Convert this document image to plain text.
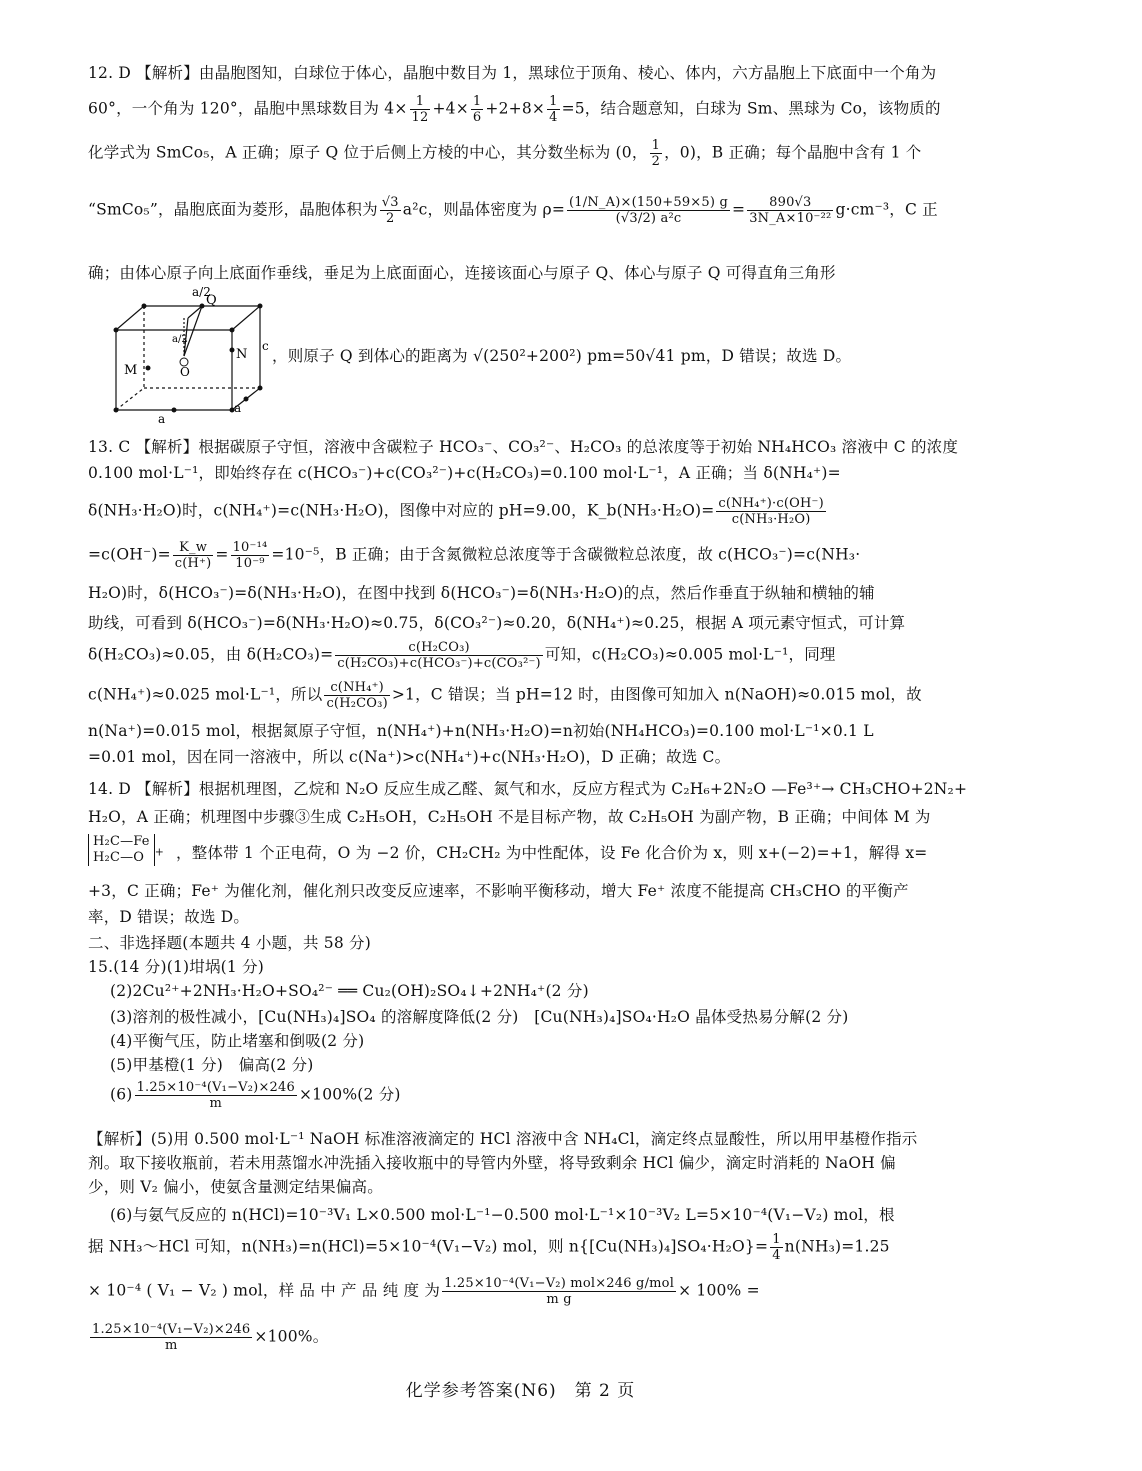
12. D 【解析】由晶胞图知，白球位于体心，晶胞中数目为 1，黑球位于顶角、棱心、体内，六方晶胞上下底面中一个角为
60°，一个角为 120°，晶胞中黑球数目为 $4\times \frac{1}{12} +4\times \frac{1}{6} +2+8\times \frac{1}{4} =5$，结合题意知，白球为 Sm、黑球为 Co，该物质的
化学式为 SmCo₅，A 正确；原子 Q 位于后侧上方棱的中心，其分数坐标为 (0， $\frac{1}{2}$ ，0)，B 正确；每个晶胞中含有 1 个
“SmCo₅”，晶胞底面为菱形，晶胞体积为 $\frac{√3}{2} a^2c$，则晶体密度为 $\rho= \frac{(1/N\_A)\times(150+59\times 5) g}{\text{(√3/2) a²c}} = \frac{890√3}{\text{3N\_A×10⁻²²}} g\cdot cm^{-3}$，C 正
确；由体心原子向上底面作垂线，垂足为上底面面心，连接该面心与原子 Q、体心与原子 Q 可得直角三角形
a/2
Q
a/2
O
N
M
c
a
a
，则原子 Q 到体心的距离为 √(250²+200²) pm=50√41 pm，D 错误；故选 D。
13. C 【解析】根据碳原子守恒，溶液中含碳粒子 HCO₃⁻、CO₃²⁻、H₂CO₃ 的总浓度等于初始 NH₄HCO₃ 溶液中 C 的浓度
0.100 mol·L⁻¹，即始终存在 c(HCO₃⁻)+c(CO₃²⁻)+c(H₂CO₃)=0.100 mol·L⁻¹，A 正确；当 δ(NH₄⁺)=
δ(NH₃·H₂O)时，c(NH₄⁺)=c(NH₃·H₂O)，图像中对应的 pH=9.00，K_b(NH₃·H₂O)= $\frac{\text{c(NH₄⁺)·c(OH⁻)}}{\text{c(NH₃·H₂O)}}$
$=c(OH^-)= \frac{K\_w}{c(H^+)} = \frac{\text{10⁻¹⁴}}{\text{10⁻⁹}} =10^{-5}$，B 正确；由于含氮微粒总浓度等于含碳微粒总浓度，故 c(HCO₃⁻)=c(NH₃·
H₂O)时，δ(HCO₃⁻)=δ(NH₃·H₂O)，在图中找到 δ(HCO₃⁻)=δ(NH₃·H₂O)的点，然后作垂直于纵轴和横轴的辅
助线，可看到 δ(HCO₃⁻)=δ(NH₃·H₂O)≈0.75，δ(CO₃²⁻)≈0.20，δ(NH₄⁺)≈0.25，根据 A 项元素守恒式，可计算
δ(H₂CO₃)≈0.05，由 $\delta(H_2CO_3)= \frac{\text{c(H₂CO₃)}}{\text{c(H₂CO₃)+c(HCO₃⁻)+c(CO₃²⁻)}}$ 可知，c(H₂CO₃)≈0.005 mol·L⁻¹，同理
c(NH₄⁺)≈0.025 mol·L⁻¹，所以 $\frac{\text{c(NH₄⁺)}}{\text{c(H₂CO₃)}} >1$，C 错误；当 pH=12 时，由图像可知加入 n(NaOH)≈0.015 mol，故
n(Na⁺)=0.015 mol，根据氮原子守恒，n(NH₄⁺)+n(NH₃·H₂O)=n初始(NH₄HCO₃)=0.100 mol·L⁻¹×0.1 L
=0.01 mol，因在同一溶液中，所以 c(Na⁺)>c(NH₄⁺)+c(NH₃·H₂O)，D 正确；故选 C。
14. D 【解析】根据机理图，乙烷和 N₂O 反应生成乙醛、氮气和水，反应方程式为 C₂H₆+2N₂O —Fe³⁺→ CH₃CHO+2N₂+
H₂O，A 正确；机理图中步骤③生成 C₂H₅OH，C₂H₅OH 不是目标产物，故 C₂H₅OH 为副产物，B 正确；中间体 M 为
H₂C—Fe
H₂C—O + ，整体带 1 个正电荷，O 为 −2 价，CH₂CH₂ 为中性配体，设 Fe 化合价为 x，则 x+(−2)=+1，解得 x=
+3，C 正确；Fe⁺ 为催化剂，催化剂只改变反应速率，不影响平衡移动，增大 Fe⁺ 浓度不能提高 CH₃CHO 的平衡产
率，D 错误；故选 D。
二、非选择题(本题共 4 小题，共 58 分)
15.(14 分)(1)坩埚(1 分)
(2)2Cu²⁺+2NH₃·H₂O+SO₄²⁻ ══ Cu₂(OH)₂SO₄↓+2NH₄⁺(2 分)
(3)溶剂的极性减小，[Cu(NH₃)₄]SO₄ 的溶解度降低(2 分)　[Cu(NH₃)₄]SO₄·H₂O 晶体受热易分解(2 分)
(4)平衡气压，防止堵塞和倒吸(2 分)
(5)甲基橙(1 分)　偏高(2 分)
$(6) \frac{\text{1.25×10⁻⁴(V₁−V₂)×246}}{m} \times 100\%(2$ 分)
【解析】(5)用 0.500 mol·L⁻¹ NaOH 标准溶液滴定的 HCl 溶液中含 NH₄Cl，滴定终点显酸性，所以用甲基橙作指示
剂。取下接收瓶前，若未用蒸馏水冲洗插入接收瓶中的导管内外壁，将导致剩余 HCl 偏少，滴定时消耗的 NaOH 偏
少，则 V₂ 偏小，使氨含量测定结果偏高。
(6)与氨气反应的 n(HCl)=10⁻³V₁ L×0.500 mol·L⁻¹−0.500 mol·L⁻¹×10⁻³V₂ L=5×10⁻⁴(V₁−V₂) mol，根
据 NH₃～HCl 可知，n(NH₃)=n(HCl)=5×10⁻⁴(V₁−V₂) mol，则 $n\{[Cu(NH_3)_4]SO_4\cdot H_2O\}= \frac{1}{4} n(NH_3)=1.25$
× 10⁻⁴ ( V₁ − V₂ ) mol，样 品 中 产 品 纯 度 为 $\frac{\text{1.25×10⁻⁴(V₁−V₂) mol×246 g/mol}}{\text{m g}} \times 100\%$ =
$\frac{\text{1.25×10⁻⁴(V₁−V₂)×246}}{m} \times 100\%$。
化学参考答案(N6)　第 2 页
